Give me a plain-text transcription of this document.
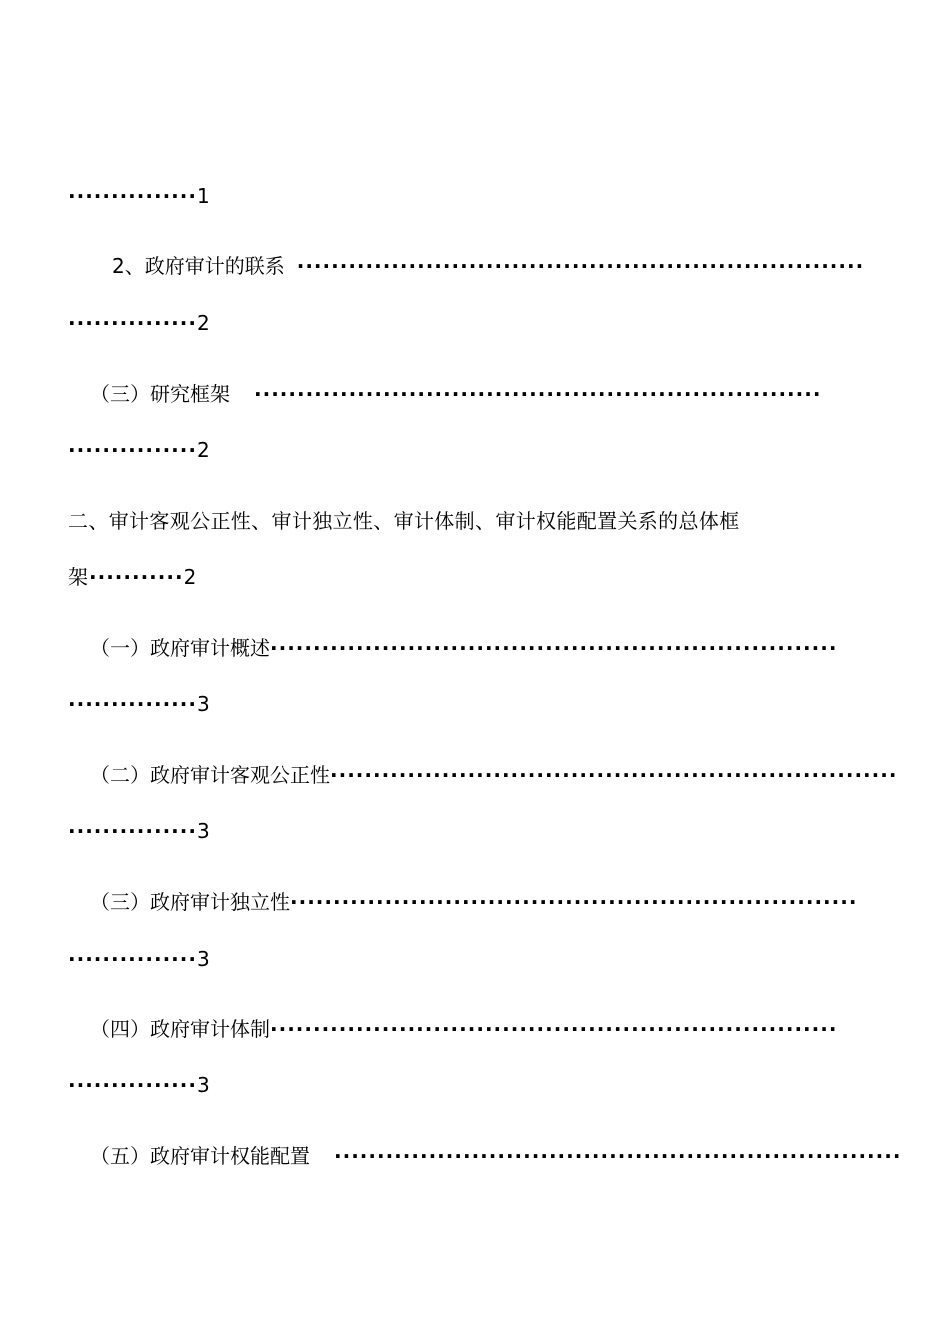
···············1
2、政府审计的联系 ··································································
···············2
（三）研究框架	··································································
···············2
二、审计客观公正性、审计独立性、审计体制、审计权能配置关系的总体框
架···········2
（一）政府审计概述 ··································································
···············3
（二）政府审计客观公正性 ··································································
···············3
（三）政府审计独立性 ··································································
···············3
（四）政府审计体制 ··································································
···············3
（五）政府审计权能配置	··································································
